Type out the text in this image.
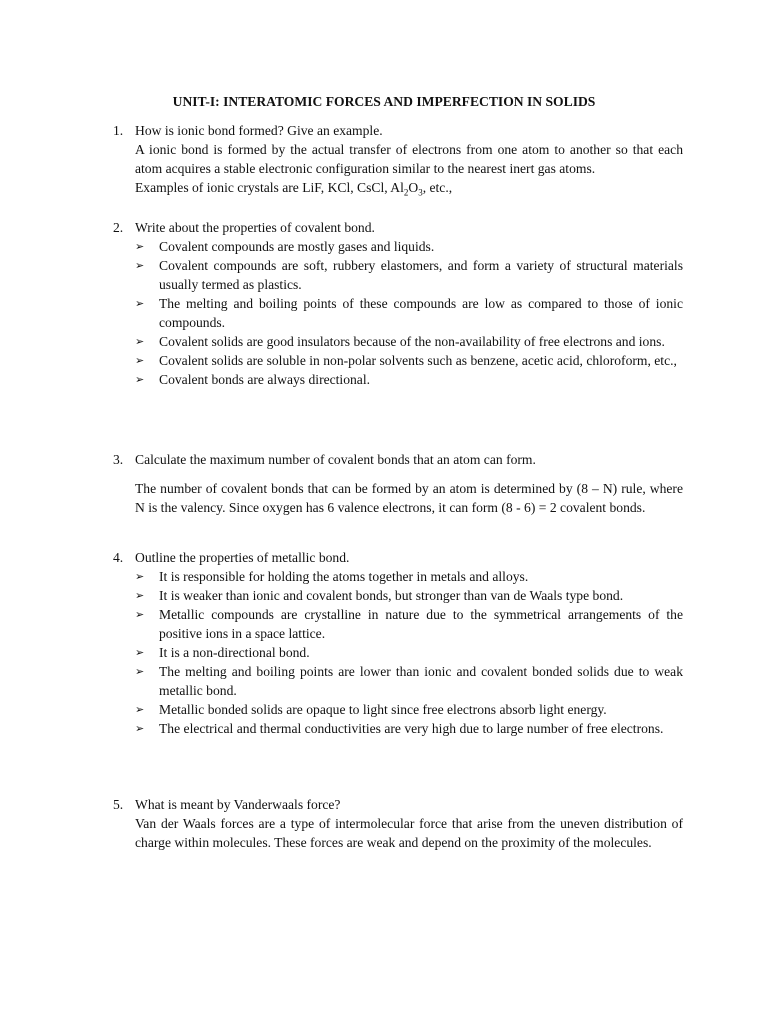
UNIT-I: INTERATOMIC FORCES AND IMPERFECTION IN SOLIDS
1. How is ionic bond formed? Give an example.
A ionic bond is formed by the actual transfer of electrons from one atom to another so that each atom acquires a stable electronic configuration similar to the nearest inert gas atoms.
Examples of ionic crystals are LiF, KCl, CsCl, $Al_2O_3$, etc.,
2. Write about the properties of covalent bond.
➢ Covalent compounds are mostly gases and liquids.
➢ Covalent compounds are soft, rubbery elastomers, and form a variety of structural materials usually termed as plastics.
➢ The melting and boiling points of these compounds are low as compared to those of ionic compounds.
➢ Covalent solids are good insulators because of the non-availability of free electrons and ions.
➢ Covalent solids are soluble in non-polar solvents such as benzene, acetic acid, chloroform, etc.,
➢ Covalent bonds are always directional.
3. Calculate the maximum number of covalent bonds that an atom can form.
The number of covalent bonds that can be formed by an atom is determined by (8 – N) rule, where N is the valency. Since oxygen has 6 valence electrons, it can form (8 - 6) = 2 covalent bonds.
4. Outline the properties of metallic bond.
➢ It is responsible for holding the atoms together in metals and alloys.
➢ It is weaker than ionic and covalent bonds, but stronger than van de Waals type bond.
➢ Metallic compounds are crystalline in nature due to the symmetrical arrangements of the positive ions in a space lattice.
➢ It is a non-directional bond.
➢ The melting and boiling points are lower than ionic and covalent bonded solids due to weak metallic bond.
➢ Metallic bonded solids are opaque to light since free electrons absorb light energy.
➢ The electrical and thermal conductivities are very high due to large number of free electrons.
5. What is meant by Vanderwaals force?
Van der Waals forces are a type of intermolecular force that arise from the uneven distribution of charge within molecules. These forces are weak and depend on the proximity of the molecules.
